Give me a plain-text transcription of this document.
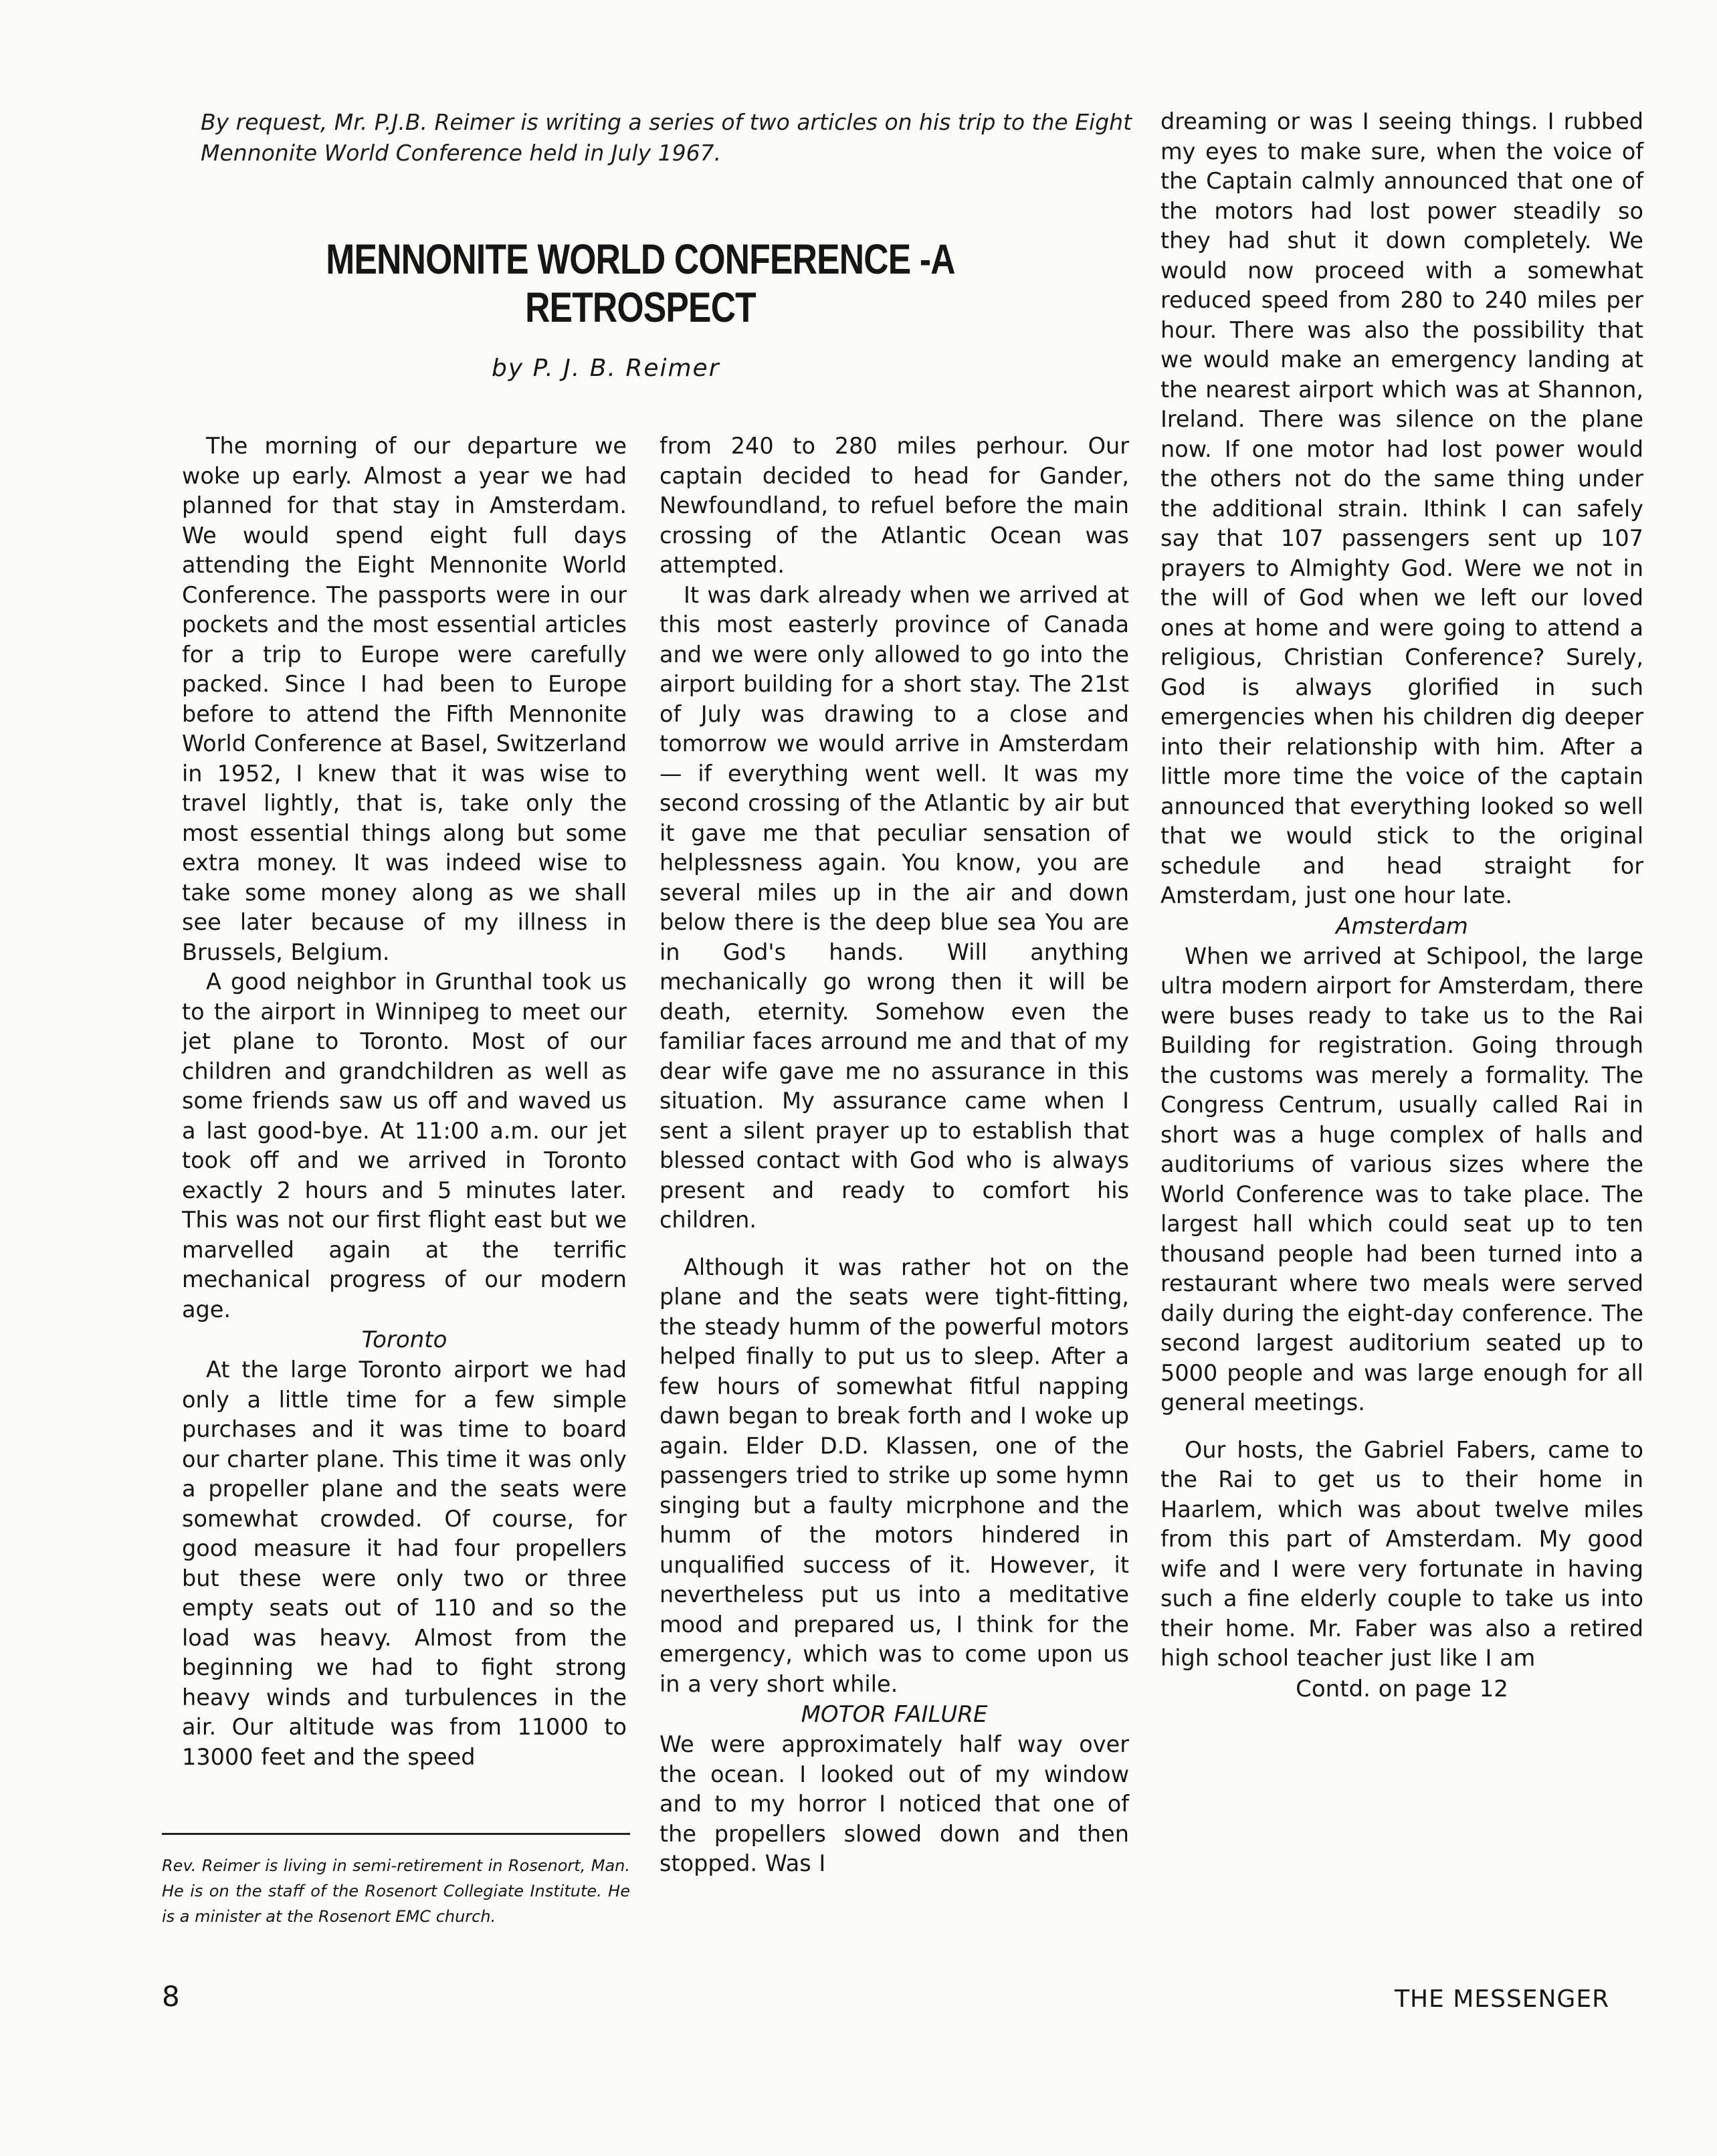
By request, Mr. P.J.B. Reimer is writing a series of two articles on his trip to the Eight Mennonite World Conference held in July 1967.
MENNONITE WORLD CONFERENCE -A RETROSPECT
by P. J. B. Reimer

The morning of our departure we woke up early. Almost a year we had planned for that stay in Amsterdam. We would spend eight full days attending the Eight Mennonite World Conference. The passports were in our pockets and the most essential articles for a trip to Europe were carefully packed. Since I had been to Europe before to attend the Fifth Mennonite World Conference at Basel, Switzerland in 1952, I knew that it was wise to travel lightly, that is, take only the most essential things along but some extra money. It was indeed wise to take some money along as we shall see later because of my illness in Brussels, Belgium.

A good neighbor in Grunthal took us to the airport in Winnipeg to meet our jet plane to Toronto. Most of our children and grandchildren as well as some friends saw us off and waved us a last good-bye. At 11:00 a.m. our jet took off and we arrived in Toronto exactly 2 hours and 5 minutes later. This was not our first flight east but we marvelled again at the terrific mechanical progress of our modern age.

Toronto

At the large Toronto airport we had only a little time for a few simple purchases and it was time to board our charter plane. This time it was only a propeller plane and the seats were somewhat crowded. Of course, for good measure it had four propellers but these were only two or three empty seats out of 110 and so the load was heavy. Almost from the beginning we had to fight strong heavy winds and turbulences in the air. Our altitude was from 11000 to 13000 feet and the speed

from 240 to 280 miles perhour. Our captain decided to head for Gander, Newfoundland, to refuel before the main crossing of the Atlantic Ocean was attempted.

It was dark already when we arrived at this most easterly province of Canada and we were only allowed to go into the airport building for a short stay. The 21st of July was drawing to a close and tomorrow we would arrive in Amsterdam — if everything went well. It was my second crossing of the Atlantic by air but it gave me that peculiar sensation of helplessness again. You know, you are several miles up in the air and down below there is the deep blue sea You are in God's hands. Will anything mechanically go wrong then it will be death, eternity. Somehow even the familiar faces arround me and that of my dear wife gave me no assurance in this situation. My assurance came when I sent a silent prayer up to establish that blessed contact with God who is always present and ready to comfort his children.

Although it was rather hot on the plane and the seats were tight-fitting, the steady humm of the powerful motors helped finally to put us to sleep. After a few hours of somewhat fitful napping dawn began to break forth and I woke up again. Elder D.D. Klassen, one of the passengers tried to strike up some hymn singing but a faulty micrphone and the humm of the motors hindered in unqualified success of it. However, it nevertheless put us into a meditative mood and prepared us, I think for the emergency, which was to come upon us in a very short while.

MOTOR FAILURE

We were approximately half way over the ocean. I looked out of my window and to my horror I noticed that one of the propellers slowed down and then stopped. Was I

dreaming or was I seeing things. I rubbed my eyes to make sure, when the voice of the Captain calmly announced that one of the motors had lost power steadily so they had shut it down completely. We would now proceed with a somewhat reduced speed from 280 to 240 miles per hour. There was also the possibility that we would make an emergency landing at the nearest airport which was at Shannon, Ireland. There was silence on the plane now. If one motor had lost power would the others not do the same thing under the additional strain. Ithink I can safely say that 107 passengers sent up 107 prayers to Almighty God. Were we not in the will of God when we left our loved ones at home and were going to attend a religious, Christian Conference? Surely, God is always glorified in such emergencies when his children dig deeper into their relationship with him. After a little more time the voice of the captain announced that everything looked so well that we would stick to the original schedule and head straight for Amsterdam, just one hour late.

Amsterdam

When we arrived at Schipool, the large ultra modern airport for Amsterdam, there were buses ready to take us to the Rai Building for registration. Going through the customs was merely a formality. The Congress Centrum, usually called Rai in short was a huge complex of halls and auditoriums of various sizes where the World Conference was to take place. The largest hall which could seat up to ten thousand people had been turned into a restaurant where two meals were served daily during the eight-day conference. The second largest auditorium seated up to 5000 people and was large enough for all general meetings.

Our hosts, the Gabriel Fabers, came to the Rai to get us to their home in Haarlem, which was about twelve miles from this part of Amsterdam. My good wife and I were very fortunate in having such a fine elderly couple to take us into their home. Mr. Faber was also a retired high school teacher just like I am

Contd. on page 12
Rev. Reimer is living in semi-retirement in Rosenort, Man. He is on the staff of the Rosenort Collegiate Institute. He is a minister at the Rosenort EMC church.
8	THE MESSENGER
